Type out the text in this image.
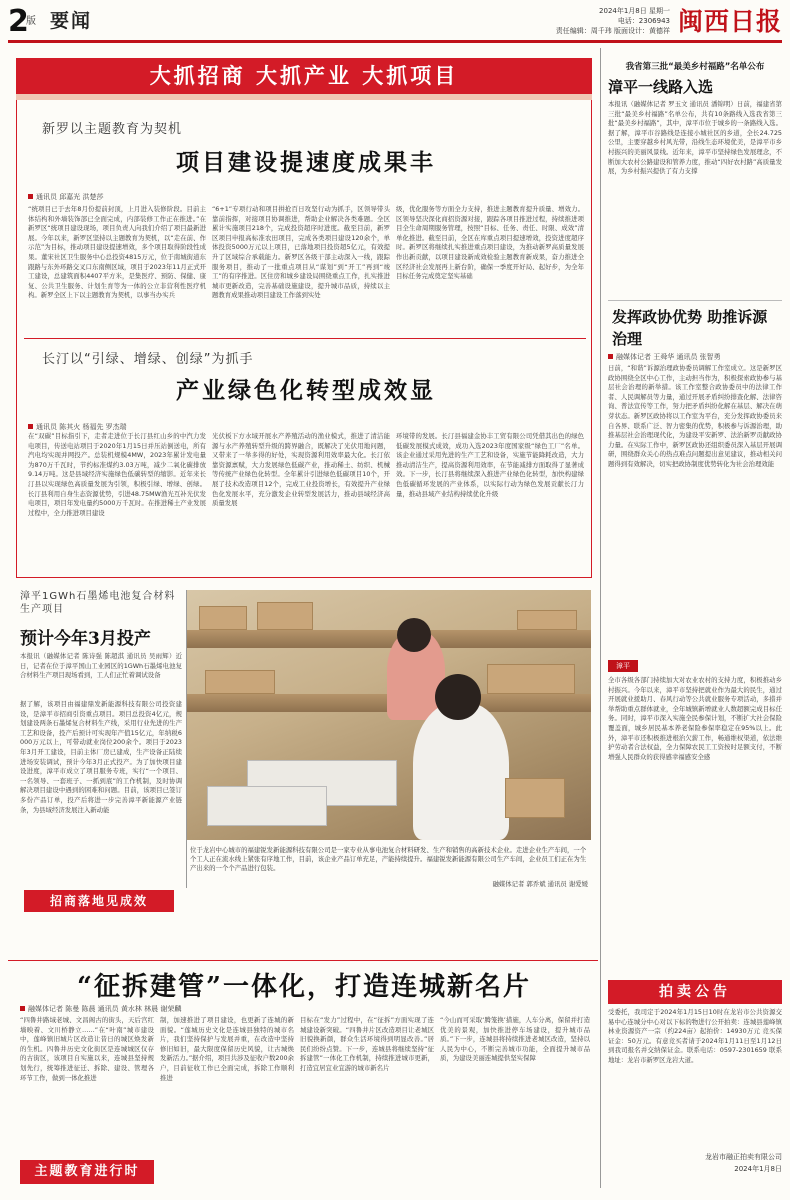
2
版 要闻	2024年1月8日 星期一
电话：2306943
责任编辑：周千玮 版面设计：黄德祥 闽西日报
大抓招商 大抓产业 大抓项目
新罗以主题教育为契机
项目建设提速度成果丰
通讯员 邱嘉光 洪楚莎
“统项目已于去年8月份提前封顶，上月进入装修阶段。目前主体结构和外墙装饰部已全面完成，内部装修工作正在推进。”在新罗区“统项目建设现场，项目负责人向我们介绍了项目最新进展。今年以来，新罗区坚持以主题教育为契机，以“走在前、作示范”为目标，推动项目建设提速增效，多个项目取得阶段性成果。董宋社区卫生服务中心总投资4815万元，位于南城街道东跟路与东外环路交叉口东南侧区域，项目于2023年11月正式开工建设，总建筑面积4407平方米，是集医疗、预防、保健、康复、公共卫生服务、计划生育等为一体的公立非营利性医疗机构。新罗全区上下以主题教育为契机，以事当办实兵
“6+1”专项行动和项目拼抢百日攻坚行动为抓手，区领导带头靠前指挥，对接项目协调推进，帮助企业解决各类难题。全区累计实施项目218个，完成投资超序时进度。截至目前，新罗区项目申报高标准农田项目，完成各类项目建设120余个，单体投资5000万元以上项目，已落地项目投资超5亿元，有效提升了区域综合承载能力。新罗区各级干部主动深入一线，跟踪服务项目，推动了一批重点项目从“谋划”到“开工”再到“竣工”的有序推进。区住房和城乡建设局围绕重点工作，扎实推进城市更新改造，完善基础设施建设，提升城市品质，持续以主题教育成果推动项目建设工作落到实处
级，优化服务等方面全力支持，推进主题教育提升质量、增效力。区领导坚决深化商招资源对接，跟踪各项目推进过程，持续推进项目全生命周期服务管理，按照“目标、任务、责任、时限、成效”清单化推进。截至目前，全区在库重点项目提速增效，投资进度超序时。新罗区将继续扎实推进重点项目建设，为推动新罗高质量发展作出新贡献，以项目建设新成效检验主题教育新成果，奋力推进全区经济社会发展再上新台阶，确保一季度开好局、起好步，为全年目标任务完成奠定坚实基础
长汀以“引绿、增绿、创绿”为抓手
产业绿色化转型成效显
通讯员 陈其火 杨福先 罗杰瑞
在“双碳”目标指引下，走者走进位于长汀县红山乡的中汽力发电项目，传送电站项目于2020年1月15日并压站倒送电，所有汽电均实现并网投产。总装机规模4MW，2023年累计发电量为870万千瓦时，节约标准煤约3.03万吨，减少二氧化碳排放9.14万吨。这是县域经济实施绿色低碳转型的缩影。近年来长汀县以实现绿色高质量发展为引领，积极引绿、增绿、创绿。长汀县利用自身生态资源优势，引进48.75MW渔光互补光伏发电项目，项目年发电量约5000万千瓦时。在推进稀土产业发展过程中，全力推进项目建设
光伏板下方水域开展水产养殖活动的渔业模式，推进了清洁能源与水产养殖转型升级的跨界融合，既解决了光伏用地问题，又带来了一举多得的好处，实现资源利用效率最大化。长汀依靠资源禀赋，大力发展绿色低碳产业，推动稀土、纺织、机械等传统产业绿色化转型。全年累计引进绿色低碳项目10个，开展了技术改造项目12个，完成工业投资增长，有效提升产业绿色化发展水平，充分激发企业转型发展活力，推动县域经济高质量发展
环境带的发展。长汀县福建金协丰工贸有限公司凭借其出色的绿色低碳发展模式成效，成功入选2023年度国家级“绿色工厂”名单。该企业通过采用先进的生产工艺和设备，实施节能降耗改造，大力推动清洁生产，提高资源利用效率，在节能减排方面取得了显著成效。下一步，长汀县将继续深入推进产业绿色化转型，加快构建绿色低碳循环发展的产业体系，以实际行动为绿色发展贡献长汀力量，推动县域产业结构持续优化升级
漳平1GWh石墨烯电池复合材料生产项目
预计今年3月投产
本报讯（融媒体记者 陈诗强 陈超淇 通讯员 吴雨辉）近日，记者在位于漳平国山工业园区的1GWh石墨烯电池复合材料生产项目现场看到，工人们正忙着调试设备
据了解，该项目由福建鼎发新能源科技有限公司投资建设，是漳平市招商引资重点项目。项目总投资4亿元，规划建设两条石墨烯复合材料生产线，采用行业先进的生产工艺和设备，投产后预计可实现年产值15亿元，年纳税6000万元以上，可带动就业岗位200余个。项目于2023年3月开工建设，目前主体厂房已建成，生产设备正陆续进场安装调试，预计今年3月正式投产。为了加快项目建设进度，漳平市成立了项目服务专班，实行“一个项目、一名领导、一套班子、一抓到底”的工作机制，及时协调解决项目建设中遇到的困难和问题。目前，该项目已签订多份产品订单，投产后将进一步完善漳平新能源产业链条，为县域经济发展注入新动能
招商落地见成效
位于龙岩中心城市的福建锐发新能源科技有限公司是一家专业从事电池复合材料研发、生产和销售的高新技术企业。走进企业生产车间，一个个工人正在流水线上紧张有序地工作，目前，该企业产品订单充足，产能持续提升。福建锐发新能源有限公司生产车间，企业员工们正在为生产出来的一个个产品进行包装。
融媒体记者 郭乔斌 通讯员 谢爱媛
我省第三批“最美乡村福路”名单公布
漳平一线路入选
本报讯（融媒体记者 罗玉文 通讯员 潘锦明）日前，福建省第三批“最美乡村福路”名单公布，共有10条路线入选我省第三批“最美乡村福路”，其中，漳平市位于城乡的一条路线入选。据了解，漳平市谷路线是连接小城社区的乡道，全长24.725公里，主要穿越乡村风光带，沿线生态环境优美，是漳平市乡村振兴的美丽风景线。近年来，漳平市坚持绿色发展理念，不断加大农村公路建设和管养力度，推动“四好农村路”高质量发展，为乡村振兴提供了有力支撑
发挥政协优势 助推诉源治理
融媒体记者 王舜华 通讯员 张智勇
日前，“和谐”诉源治理政协委员调解工作室成立。这是新罗区政协围绕全区中心工作，主动担当作为，积极探索政协参与基层社会治理的新举措。该工作室整合政协委员中的法律工作者、人民调解员等力量，通过开展矛盾纠纷排查化解、法律咨询、普法宣传等工作，努力把矛盾纠纷化解在基层、解决在萌芽状态。新罗区政协将以工作室为平台，充分发挥政协委员来自各界、联系广泛、智力密集的优势，积极参与诉源治理，助推基层社会治理现代化，为建设平安新罗、法治新罗贡献政协力量。在实际工作中，新罗区政协还组织委员深入基层开展调研，围绕群众关心的热点难点问题提出意见建议，推动相关问题得到有效解决，切实把政协制度优势转化为社会治理效能
漳平
全市各级各部门持续加大对农业农村的支持力度，积极推动乡村振兴。今年以来，漳平市坚持把就业作为最大的民生，通过开展就业援助月、春风行动等公共就业服务专项活动，多措并举帮助重点群体就业，全年城镇新增就业人数超额完成目标任务。同时，漳平市深入实施全民参保计划，不断扩大社会保险覆盖面，城乡居民基本养老保险参保率稳定在95%以上。此外，漳平市还积极推进根治欠薪工作，畅通维权渠道，依法维护劳动者合法权益，全力保障农民工工资按时足额支付，不断增强人民群众的获得感幸福感安全感
“征拆建管”一体化，打造连城新名片
融媒体记者 陈曼 陈晨 通讯员 黄水林 林晨 谢荣麟
“四鲁井路域老城、文昌阁古的街头，天后宫红墙映着、文川桥静立……”在“叶南”城市建设中，莲峰镇旧城片区改造让昔日的城区焕发新的生机。四鲁井历史文化街区是连城城区仅存的古街区，该项目自实施以来，连城县坚持规划先行，统筹推进征迁、拆除、建设、管理各环节工作，做到一体化推进
制，加速推进了项目建设，也更新了连城的新面貌。“莲城历史文化是连城县独特的城市名片，我们坚持保护与发展并重，在改造中坚持修旧如旧，最大限度保留历史风貌，让古城焕发新活力。”据介绍，项目共涉及征收户数200余户，目前征收工作已全面完成，拆除工作顺利推进
目标在“发力”过程中，在“征拆”方面实现了连城建设新突破。“四鲁井片区改造项目让老城区旧貌换新颜，群众生活环境得到明显改善。”居民们纷纷点赞。下一步，连城县将继续坚持“征拆建管”一体化工作机制，持续推进城市更新，打造宜居宜业宜游的城市新名片
“今山而可采取‘腾笼换’措施，人车分离，保留并打造优美的景观，加快推进停车场建设，提升城市品质。”下一步，连城县将持续推进老城区改造，坚持以人民为中心，不断完善城市功能，全面提升城市品质，为建设美丽连城提供坚实保障
主题教育进行时
拍卖公告
受委托，我司定于2024年1月15日10时在龙岩市公共资源交易中心连城分中心对以下标的物进行公开拍卖：连城县莲峰镇林业资源资产一宗（约224亩）起拍价：14930万元 竞买保证金：50万元。有意竞买者请于2024年1月11日至1月12日到我司报名并交纳保证金。联系电话：0597-2301659 联系地址：龙岩市新罗区龙岩大道。
龙岩市融正拍卖有限公司
2024年1月8日
